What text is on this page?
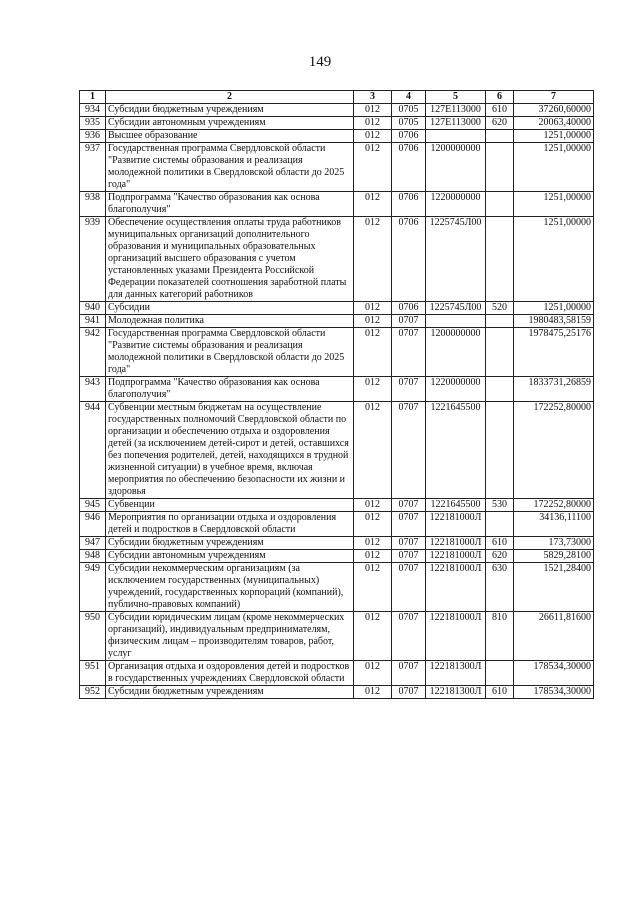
149
1	2	3	4	5	6	7
934	Субсидии бюджетным учреждениям	012	0705	127E113000	610	37260,60000
935	Субсидии автономным учреждениям	012	0705	127E113000	620	20063,40000
936	Высшее образование	012	0706			1251,00000
937	Государственная программа Свердловской области "Развитие системы образования и реализация молодежной политики в Свердловской области до 2025 года"	012	0706	1200000000		1251,00000
938	Подпрограмма "Качество образования как основа благополучия"	012	0706	1220000000		1251,00000
939	Обеспечение осуществления оплаты труда работников муниципальных организаций дополнительного образования и муниципальных образовательных организаций высшего образования с учетом установленных указами Президента Российской Федерации показателей соотношения заработной платы для данных категорий работников	012	0706	1225745Л00		1251,00000
940	Субсидии	012	0706	1225745Л00	520	1251,00000
941	Молодежная политика	012	0707			1980483,58159
942	Государственная программа Свердловской области "Развитие системы образования и реализация молодежной политики в Свердловской области до 2025 года"	012	0707	1200000000		1978475,25176
943	Подпрограмма "Качество образования как основа благополучия"	012	0707	1220000000		1833731,26859
944	Субвенции местным бюджетам на осуществление государственных полномочий Свердловской области по организации и обеспечению отдыха и оздоровления детей (за исключением детей-сирот и детей, оставшихся без попечения родителей, детей, находящихся в трудной жизненной ситуации) в учебное время, включая мероприятия по обеспечению безопасности их жизни и здоровья	012	0707	1221645500		172252,80000
945	Субвенции	012	0707	1221645500	530	172252,80000
946	Мероприятия по организации отдыха и оздоровления детей и подростков в Свердловской области	012	0707	122181000Л		34136,11100
947	Субсидии бюджетным учреждениям	012	0707	122181000Л	610	173,73000
948	Субсидии автономным учреждениям	012	0707	122181000Л	620	5829,28100
949	Субсидии некоммерческим организациям (за исключением государственных (муниципальных) учреждений, государственных корпораций (компаний), публично-правовых компаний)	012	0707	122181000Л	630	1521,28400
950	Субсидии юридическим лицам (кроме некоммерческих организаций), индивидуальным предпринимателям, физическим лицам – производителям товаров, работ, услуг	012	0707	122181000Л	810	26611,81600
951	Организация отдыха и оздоровления детей и подростков в государственных учреждениях Свердловской области	012	0707	122181300Л		178534,30000
952	Субсидии бюджетным учреждениям	012	0707	122181300Л	610	178534,30000
